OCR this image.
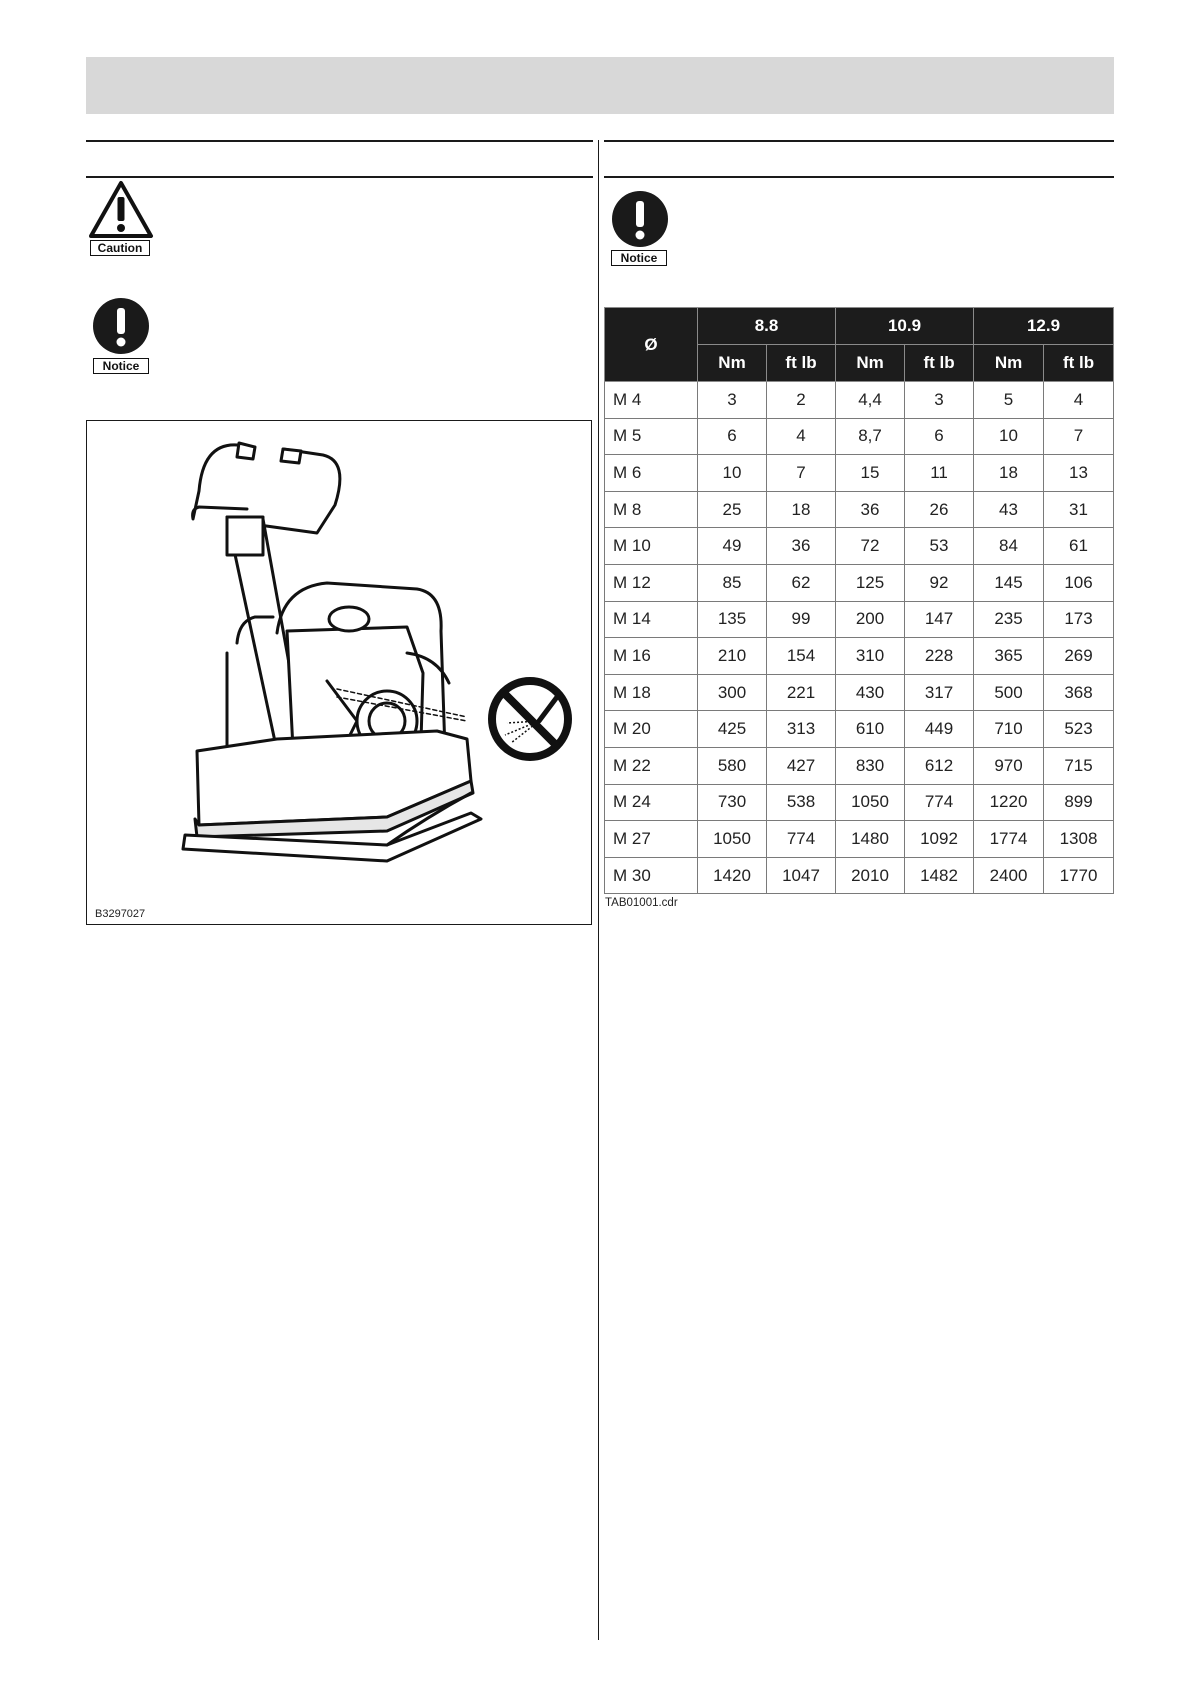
Caution
Notice
B3297027
Notice
Ø	8.8		10.9		12.9	
	Nm	ft lb	Nm	ft lb	Nm	ft lb
M 4	3	2	4,4	3	5	4
M 5	6	4	8,7	6	10	7
M 6	10	7	15	11	18	13
M 8	25	18	36	26	43	31
M 10	49	36	72	53	84	61
M 12	85	62	125	92	145	106
M 14	135	99	200	147	235	173
M 16	210	154	310	228	365	269
M 18	300	221	430	317	500	368
M 20	425	313	610	449	710	523
M 22	580	427	830	612	970	715
M 24	730	538	1050	774	1220	899
M 27	1050	774	1480	1092	1774	1308
M 30	1420	1047	2010	1482	2400	1770
TAB01001.cdr
